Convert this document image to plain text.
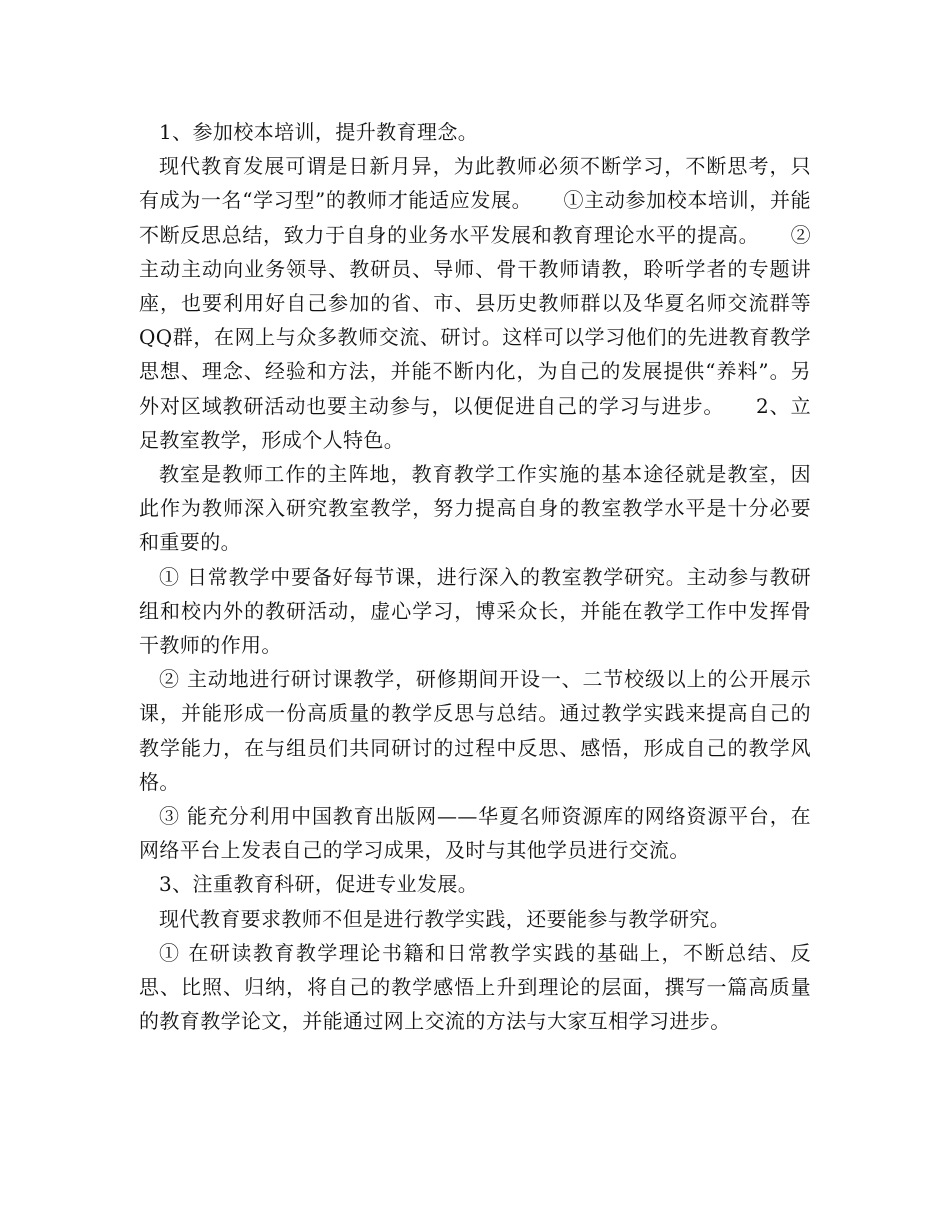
1、参加校本培训，提升教育理念。

现代教育发展可谓是日新月异，为此教师必须不断学习，不断思考，只有成为一名“学习型”的教师才能适应发展。　　①主动参加校本培训，并能不断反思总结，致力于自身的业务水平发展和教育理论水平的提高。　　②主动主动向业务领导、教研员、导师、骨干教师请教，聆听学者的专题讲座，也要利用好自己参加的省、市、县历史教师群以及华夏名师交流群等QQ群，在网上与众多教师交流、研讨。这样可以学习他们的先进教育教学思想、理念、经验和方法，并能不断内化，为自己的发展提供“养料”。另外对区域教研活动也要主动参与，以便促进自己的学习与进步。　　2、立足教室教学，形成个人特色。

教室是教师工作的主阵地，教育教学工作实施的基本途径就是教室，因此作为教师深入研究教室教学，努力提高自身的教室教学水平是十分必要和重要的。

① 日常教学中要备好每节课，进行深入的教室教学研究。主动参与教研组和校内外的教研活动，虚心学习，博采众长，并能在教学工作中发挥骨干教师的作用。

② 主动地进行研讨课教学，研修期间开设一、二节校级以上的公开展示课，并能形成一份高质量的教学反思与总结。通过教学实践来提高自己的教学能力，在与组员们共同研讨的过程中反思、感悟，形成自己的教学风格。

③ 能充分利用中国教育出版网——华夏名师资源库的网络资源平台，在网络平台上发表自己的学习成果，及时与其他学员进行交流。

3、注重教育科研，促进专业发展。

现代教育要求教师不但是进行教学实践，还要能参与教学研究。

① 在研读教育教学理论书籍和日常教学实践的基础上，不断总结、反思、比照、归纳，将自己的教学感悟上升到理论的层面，撰写一篇高质量的教育教学论文，并能通过网上交流的方法与大家互相学习进步。
